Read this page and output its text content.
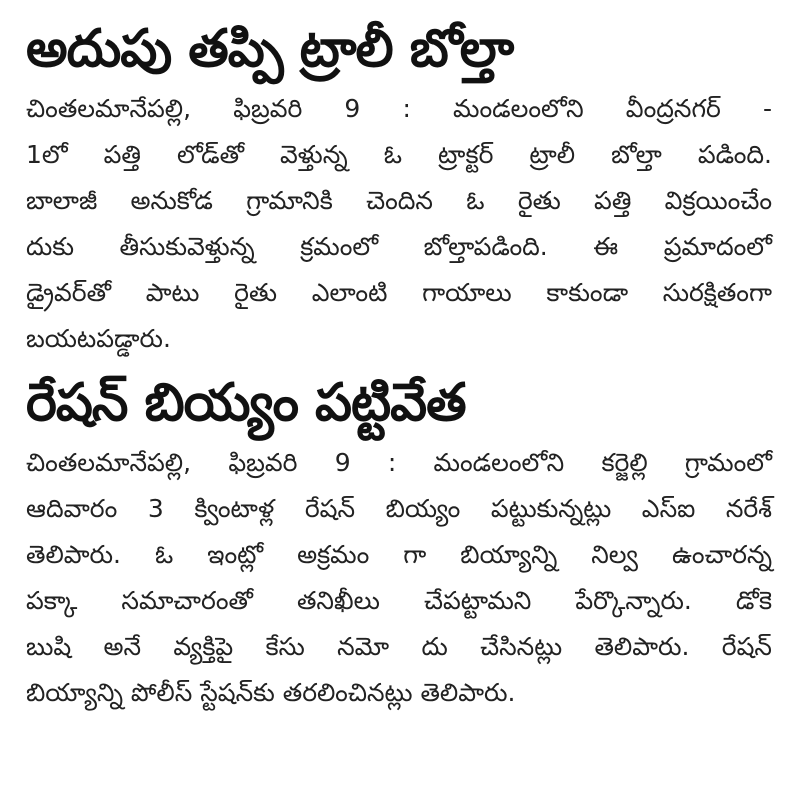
అదుపు తప్పి ట్రాలీ బోల్తా

చింతలమానేపల్లి, ఫిబ్రవరి 9 : మండలంలోని వీంద్రనగర్ -
1లో పత్తి లోడ్‌తో వెళ్తున్న ఓ ట్రాక్టర్ ట్రాలీ బోల్తా పడింది.
బాలాజీ అనుకోడ గ్రామానికి చెందిన ఓ రైతు పత్తి విక్రయించేం
దుకు తీసుకువెళ్తున్న క్రమంలో బోల్తాపడింది. ఈ ప్రమాదంలో
డ్రైవర్‌తో పాటు రైతు ఎలాంటి గాయాలు కాకుండా సురక్షితంగా
బయటపడ్డారు.

రేషన్ బియ్యం పట్టివేత

చింతలమానేపల్లి, ఫిబ్రవరి 9 : మండలంలోని కర్జెల్లి గ్రామంలో
ఆదివారం 3 క్వింటాళ్ల రేషన్ బియ్యం పట్టుకున్నట్లు ఎస్ఐ నరేశ్
తెలిపారు. ఓ ఇంట్లో అక్రమం గా బియ్యాన్ని నిల్వ ఉంచారన్న
పక్కా సమాచారంతో తనిఖీలు చేపట్టామని పేర్కొన్నారు. డోకె
బుషి అనే వ్యక్తిపై కేసు నమో దు చేసినట్లు తెలిపారు. రేషన్
బియ్యాన్ని పోలీస్ స్టేషన్‌కు తరలించినట్లు తెలిపారు.
